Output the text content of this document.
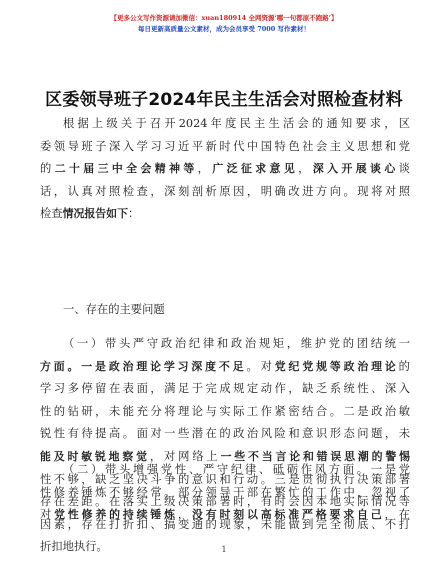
【更多公文写作资源请加微信：xuan180914 全网资源‘哪一句都原不跑路’】
每日更新高质量公文素材，成为会员享受 7000 写作素材！
区委领导班子2024年民主生活会对照检查材料
根据上级关于召开2024年度民主生活会的通知要求，区
委领导班子深入学习习近平新时代中国特色社会主义思想和党
的二十届三中全会精神等，广泛征求意见，深入开展谈心谈
话，认真对照检查，深刻剖析原因，明确改进方向。现将对照
检查情况报告如下：
一、存在的主要问题
（一）带头严守政治纪律和政治规矩，维护党的团结统一
方面。一是政治理论学习深度不足。对党纪党规等政治理论的
学习多停留在表面，满足于完成规定动作，缺乏系统性、深入
性的钻研，未能充分将理论与实际工作紧密结合。二是政治敏
锐性有待提高。面对一些潜在的政治风险和意识形态问题，未
能及时敏锐地察觉，对网络上一些不当言论和错误思潮的警惕
性不够，缺乏坚决斗争的意识和行动。三是贯彻执行决策部署
存在差距。在落实上级决策部署时，有时会因本地实际情况等
因素，存在打折扣、搞变通的现象，未能做到完全彻底、不打
折扣地执行。
（二）带头增强党性、严守纪律、砥砺作风方面。一是党
性修养锤炼不够经常。部分领导干部在繁忙的工作中，忽视了
对党性修养的持续锤炼，没有时刻以高标准严格要求自己，在
1
